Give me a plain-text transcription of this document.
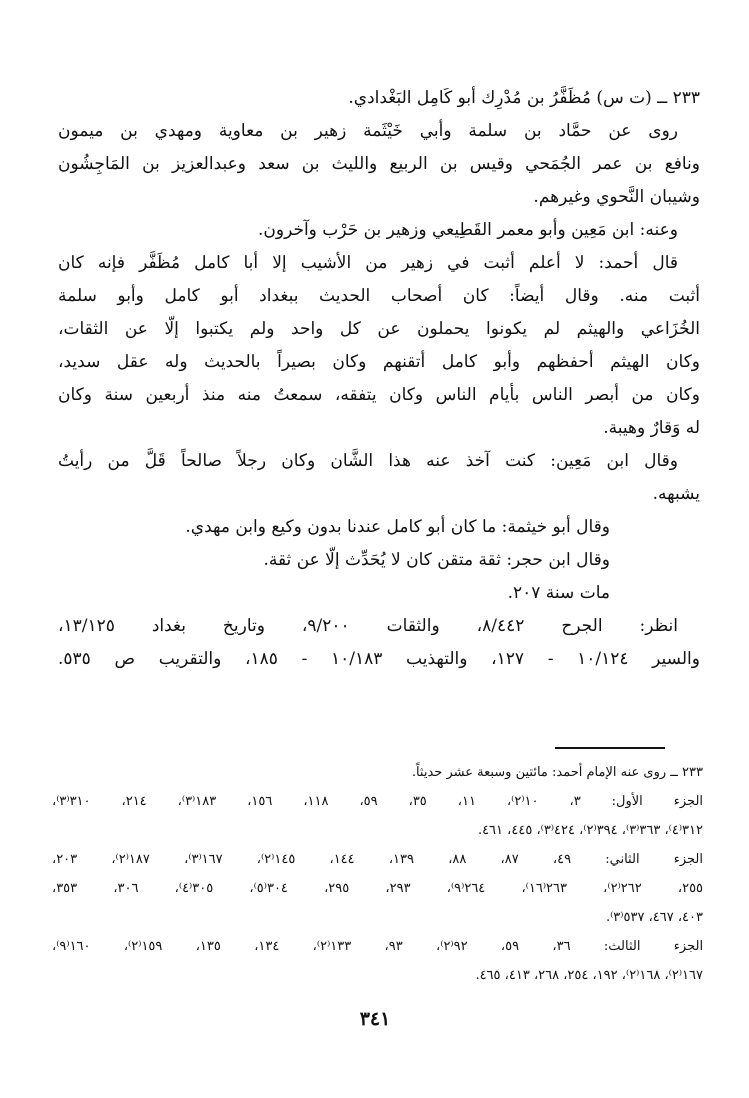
٢٣٣ ــ (ت س) مُظَفَّرُ بن مُدْرِك أبو كَامِل البَغْدادي.
روى عن حمَّاد بن سلمة وأبي خَيْثَمة زهير بن معاوية ومهدي بن ميمون
ونافع بن عمر الجُمَحي وقيس بن الربيع والليث بن سعد وعبدالعزيز بن المَاجِشُون
وشيبان النَّحوي وغيرهم.
وعنه: ابن مَعِين وأبو معمر القَطِيعي وزهير بن حَرْب وآخرون.
قال أحمد: لا أعلم أثبت في زهير من الأشيب إلا أبا كامل مُظَفَّر فإنه كان
أثبت منه. وقال أيضاً: كان أصحاب الحديث ببغداد أبو كامل وأبو سلمة
الخُزَاعي والهيثم لم يكونوا يحملون عن كل واحد ولم يكتبوا إلّا عن الثقات،
وكان الهيثم أحفظهم وأبو كامل أتقنهم وكان بصيراً بالحديث وله عقل سديد،
وكان من أبصر الناس بأيام الناس وكان يتفقه، سمعتُ منه منذ أربعين سنة وكان
له وَقارٌ وهيبة.
وقال ابن مَعِين: كنت آخذ عنه هذا الشَّان وكان رجلاً صالحاً قَلَّ من رأيتُ
يشبهه.
وقال أبو خيثمة: ما كان أبو كامل عندنا بدون وكيع وابن مهدي.
وقال ابن حجر: ثقة متقن كان لا يُحَدِّث إلّا عن ثقة.
مات سنة ٢٠٧.
انظر: الجرح ٨/٤٤٢، والثقات ٩/٢٠٠، وتاريخ بغداد ١٣/١٢٥،
والسير ١٠/١٢٤ - ١٢٧، والتهذيب ١٠/١٨٣ - ١٨٥، والتقريب ص ٥٣٥.
٢٣٣ ــ روى عنه الإمام أحمد: مائتين وسبعة عشر حديثاً.
الجزء الأول: ٣، ١٠⁽٢⁾، ١١، ٣٥، ٥٩، ١١٨، ١٥٦، ١٨٣⁽٣⁾، ٢١٤، ٣١٠⁽٣⁾،
٣١٢⁽٤⁾، ٣٦٣⁽٣⁾، ٣٩٤⁽٢⁾، ٤٢٤⁽٣⁾، ٤٤٥، ٤٦١.
الجزء الثاني: ٤٩، ٨٧، ٨٨، ١٣٩، ١٤٤، ١٤٥⁽٢⁾، ١٦٧⁽٣⁾، ١٨٧⁽٢⁾، ٢٠٣،
٢٥٥، ٢٦٢⁽٢⁾، ٢٦٣⁽١٦⁾، ٢٦٤⁽٩⁾، ٢٩٣، ٢٩٥، ٣٠٤⁽٥⁾، ٣٠٥⁽٤⁾، ٣٠٦، ٣٥٣،
٤٠٣، ٤٦٧، ٥٣٧⁽٣⁾.
الجزء الثالث: ٣٦، ٥٩، ٩٢⁽٢⁾، ٩٣، ١٣٣⁽٢⁾، ١٣٤، ١٣٥، ١٥٩⁽٢⁾، ١٦٠⁽٩⁾،
١٦٧⁽٢⁾، ١٦٨⁽٢⁾، ١٩٢، ٢٥٤، ٢٦٨، ٤١٣، ٤٦٥.
٣٤١
